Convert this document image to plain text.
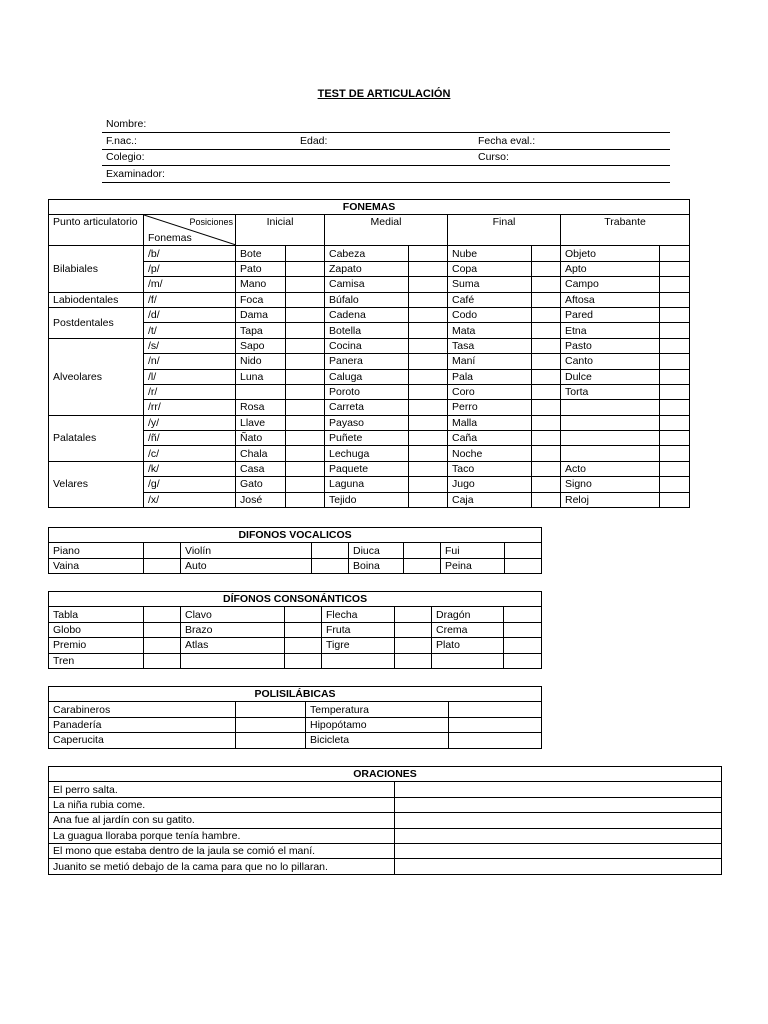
TEST DE ARTICULACIÓN
Nombre:
F.nac.:	Edad:	Fecha eval.:
Colegio:	Curso:
Examinador:
FONEMAS									
Punto articulatorio	Posiciones
Fonemas	Inicial		Medial		Final		Trabante	
Bilabiales	/b/	Bote		Cabeza		Nube		Objeto	
	/p/	Pato		Zapato		Copa		Apto	
	/m/	Mano		Camisa		Suma		Campo	
Labiodentales	/f/	Foca		Búfalo		Café		Aftosa	
Postdentales	/d/	Dama		Cadena		Codo		Pared	
	/t/	Tapa		Botella		Mata		Etna	
Alveolares	/s/	Sapo		Cocina		Tasa		Pasto	
	/n/	Nido		Panera		Maní		Canto	
	/l/	Luna		Caluga		Pala		Dulce	
	/r/			Poroto		Coro		Torta	
	/rr/	Rosa		Carreta		Perro			
Palatales	/y/	Llave		Payaso		Malla			
	/ñ/	Ñato		Puñete		Caña			
	/c/	Chala		Lechuga		Noche			
Velares	/k/	Casa		Paquete		Taco		Acto	
	/g/	Gato		Laguna		Jugo		Signo	
	/x/	José		Tejido		Caja		Reloj	
DIFONOS VOCALICOS							
Piano		Violín		Diuca		Fui	
Vaina		Auto		Boina		Peina	
DÍFONOS CONSONÁNTICOS							
Tabla		Clavo		Flecha		Dragón	
Globo		Brazo		Fruta		Crema	
Premio		Atlas		Tigre		Plato	
Tren							
POLISILÁBICAS			
Carabineros		Temperatura	
Panadería		Hipopótamo	
Caperucita		Bicicleta	
ORACIONES	
El perro salta.	
La niña rubia come.	
Ana fue al jardín con su gatito.	
La guagua lloraba porque tenía hambre.	
El mono que estaba dentro de la jaula se comió el maní.	
Juanito se metió debajo de la cama para que no lo pillaran.	
